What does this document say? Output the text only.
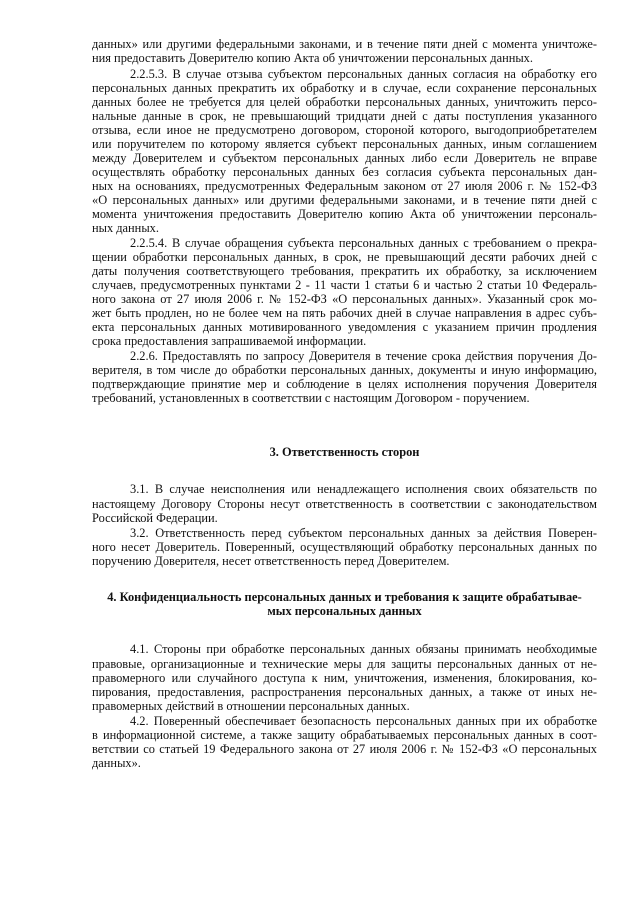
данных» или другими федеральными законами, и в течение пяти дней с момента уничтоже-
ния предоставить Доверителю копию Акта об уничтожении персональных данных.
2.2.5.3. В случае отзыва субъектом персональных данных согласия на обработку его
персональных данных прекратить их обработку и в случае, если сохранение персональных
данных более не требуется для целей обработки персональных данных, уничтожить персо-
нальные данные в срок, не превышающий тридцати дней с даты поступления указанного
отзыва, если иное не предусмотрено договором, стороной которого, выгодоприобретателем
или поручителем по которому является субъект персональных данных, иным соглашением
между Доверителем и субъектом персональных данных либо если Доверитель не вправе
осуществлять обработку персональных данных без согласия субъекта персональных дан-
ных на основаниях, предусмотренных Федеральным законом от 27 июля 2006 г. № 152-ФЗ
«О персональных данных» или другими федеральными законами, и в течение пяти дней с
момента уничтожения предоставить Доверителю копию Акта об уничтожении персональ-
ных данных.
2.2.5.4. В случае обращения субъекта персональных данных с требованием о прекра-
щении обработки персональных данных, в срок, не превышающий десяти рабочих дней с
даты получения соответствующего требования, прекратить их обработку, за исключением
случаев, предусмотренных пунктами 2 - 11 части 1 статьи 6 и частью 2 статьи 10 Федераль-
ного закона от 27 июля 2006 г. № 152-ФЗ «О персональных данных». Указанный срок мо-
жет быть продлен, но не более чем на пять рабочих дней в случае направления в адрес субъ-
екта персональных данных мотивированного уведомления с указанием причин продления
срока предоставления запрашиваемой информации.
2.2.6. Предоставлять по запросу Доверителя в течение срока действия поручения До-
верителя, в том числе до обработки персональных данных, документы и иную информацию,
подтверждающие принятие мер и соблюдение в целях исполнения поручения Доверителя
требований, установленных в соответствии с настоящим Договором - поручением.
3. Ответственность сторон
3.1. В случае неисполнения или ненадлежащего исполнения своих обязательств по
настоящему Договору Стороны несут ответственность в соответствии с законодательством
Российской Федерации.
3.2. Ответственность перед субъектом персональных данных за действия Поверен-
ного несет Доверитель. Поверенный, осуществляющий обработку персональных данных по
поручению Доверителя, несет ответственность перед Доверителем.
4. Конфиденциальность персональных данных и требования к защите обрабатывае-
мых персональных данных
4.1. Стороны при обработке персональных данных обязаны принимать необходимые
правовые, организационные и технические меры для защиты персональных данных от не-
правомерного или случайного доступа к ним, уничтожения, изменения, блокирования, ко-
пирования, предоставления, распространения персональных данных, а также от иных не-
правомерных действий в отношении персональных данных.
4.2. Поверенный обеспечивает безопасность персональных данных при их обработке
в информационной системе, а также защиту обрабатываемых персональных данных в соот-
ветствии со статьей 19 Федерального закона от 27 июля 2006 г. № 152-ФЗ «О персональных
данных».
